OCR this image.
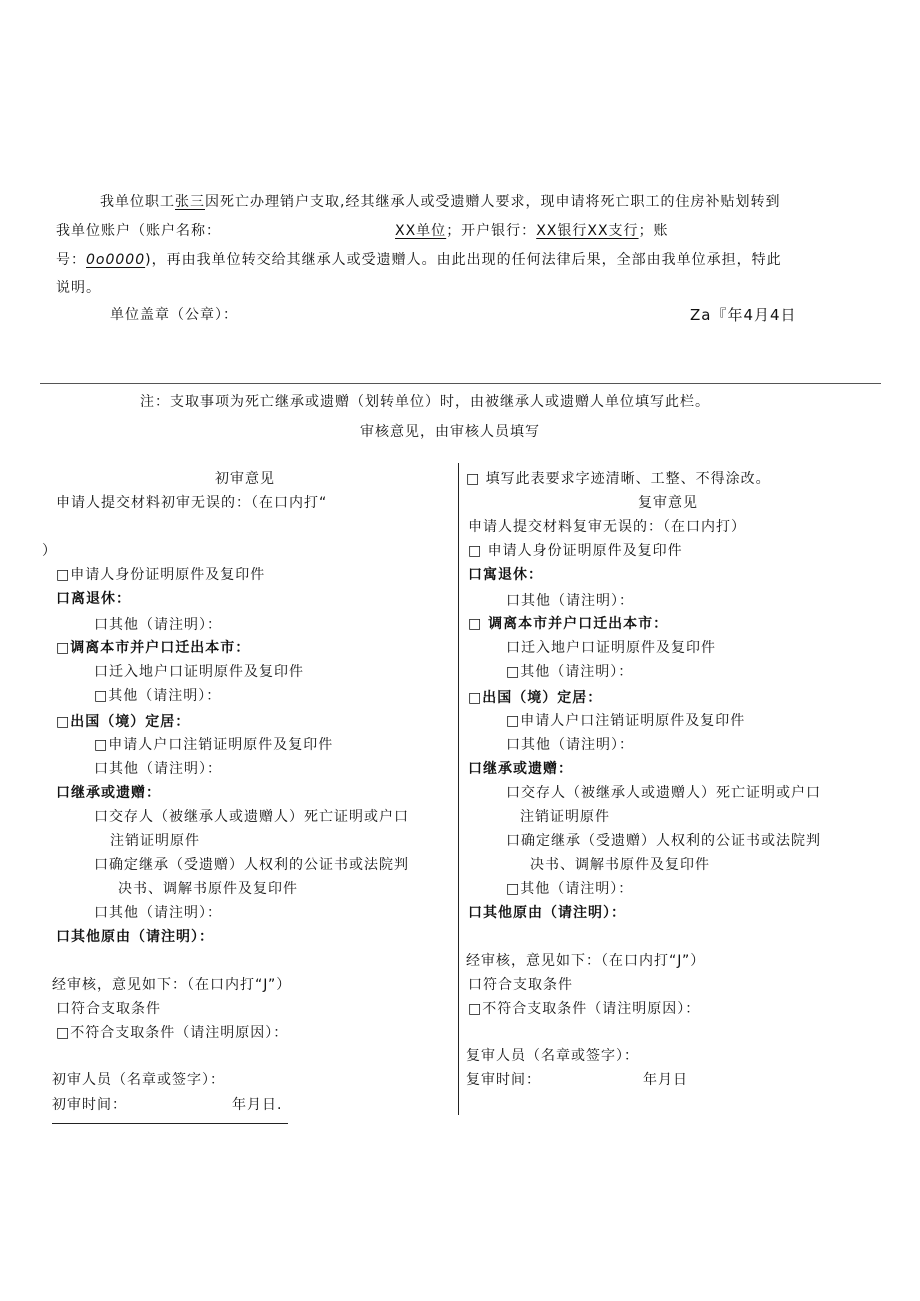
我单位职工张三因死亡办理销户支取,经其继承人或受遗赠人要求，现申请将死亡职工的住房补贴划转到
我单位账户（账户名称：	XX单位；开户银行：XX银行XX支行；账
号：0o0000)，再由我单位转交给其继承人或受遗赠人。由此出现的任何法律后果，全部由我单位承担，特此
说明。
单位盖章（公章）：	Za『年4月4日
注：支取事项为死亡继承或遗赠（划转单位）时，由被继承人或遗赠人单位填写此栏。
审核意见，由审核人员填写
初审意见
申请人提交材料初审无误的：（在口内打“
）
□申请人身份证明原件及复印件
口离退休：
口其他（请注明）：
□调离本市并户口迁出本市：
口迁入地户口证明原件及复印件
□其他（请注明）：
□出国（境）定居：
□申请人户口注销证明原件及复印件
口其他（请注明）：
口继承或遗赠：
口交存人（被继承人或遗赠人）死亡证明或户口
注销证明原件
口确定继承（受遗赠）人权利的公证书或法院判
决书、调解书原件及复印件
口其他（请注明）：
口其他原由（请注明）：
经审核，意见如下：（在口内打“J”）
口符合支取条件
□不符合支取条件（请注明原因）：
初审人员（名章或签字）：
初审时间：	年月日.
□ 填写此表要求字迹清晰、工整、不得涂改。
复审意见
申请人提交材料复审无误的：（在口内打）
□ 申请人身份证明原件及复印件
口寓退休：
口其他（请注明）：
□ 调离本市并户口迁出本市：
口迁入地户口证明原件及复印件
□其他（请注明）：
□出国（境）定居：
□申请人户口注销证明原件及复印件
口其他（请注明）：
口继承或遗赠：
口交存人（被继承人或遗赠人）死亡证明或户口
注销证明原件
口确定继承（受遗赠）人权利的公证书或法院判
决书、调解书原件及复印件
□其他（请注明）：
口其他原由（请注明）：
经审核，意见如下：（在口内打“J”）
口符合支取条件
□不符合支取条件（请注明原因）：
复审人员（名章或签字）：
复审时间：	年月日
